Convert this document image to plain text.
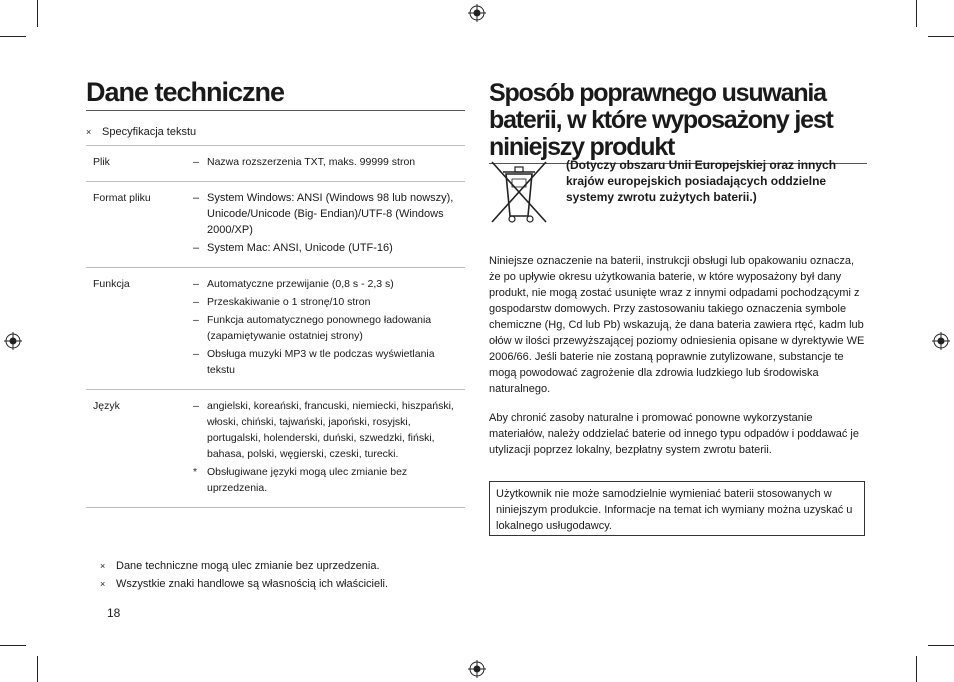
Dane techniczne
× Specyfikacja tekstu
Plik	– Nazwa rozszerzenia TXT, maks. 99999 stron
Format pliku	– System Windows: ANSI (Windows 98 lub nowszy), Unicode/Unicode (Big- Endian)/UTF-8 (Windows 2000/XP)
– System Mac: ANSI, Unicode (UTF-16)
Funkcja	– Automatyczne przewijanie (0,8 s - 2,3 s)
– Przeskakiwanie o 1 stronę/10 stron
– Funkcja automatycznego ponownego ładowania (zapamiętywanie ostatniej strony)
– Obsługa muzyki MP3 w tle podczas wyświetlania tekstu
Język	– angielski, koreański, francuski, niemiecki, hiszpański, włoski, chiński, tajwański, japoński, rosyjski, portugalski, holenderski, duński, szwedzki, fiński, bahasa, polski, węgierski, czeski, turecki.
* Obsługiwane języki mogą ulec zmianie bez uprzedzenia.
× Dane techniczne mogą ulec zmianie bez uprzedzenia.
× Wszystkie znaki handlowe są własnością ich właścicieli.
18
Sposób poprawnego usuwania baterii, w które wyposażony jest niniejszy produkt
(Dotyczy obszaru Unii Europejskiej oraz innych krajów europejskich posiadających oddzielne systemy zwrotu zużytych baterii.)
Niniejsze oznaczenie na baterii, instrukcji obsługi lub opakowaniu oznacza, że po upływie okresu użytkowania baterie, w które wyposażony był dany produkt, nie mogą zostać usunięte wraz z innymi odpadami pochodzącymi z gospodarstw domowych. Przy zastosowaniu takiego oznaczenia symbole chemiczne (Hg, Cd lub Pb) wskazują, że dana bateria zawiera rtęć, kadm lub ołów w ilości przewyższającej poziomy odniesienia opisane w dyrektywie WE 2006/66. Jeśli baterie nie zostaną poprawnie zutylizowane, substancje te mogą powodować zagrożenie dla zdrowia ludzkiego lub środowiska naturalnego.
Aby chronić zasoby naturalne i promować ponowne wykorzystanie materiałów, należy oddzielać baterie od innego typu odpadów i poddawać je utylizacji poprzez lokalny, bezpłatny system zwrotu baterii.
Użytkownik nie może samodzielnie wymieniać baterii stosowanych w niniejszym produkcie. Informacje na temat ich wymiany można uzyskać u lokalnego usługodawcy.
